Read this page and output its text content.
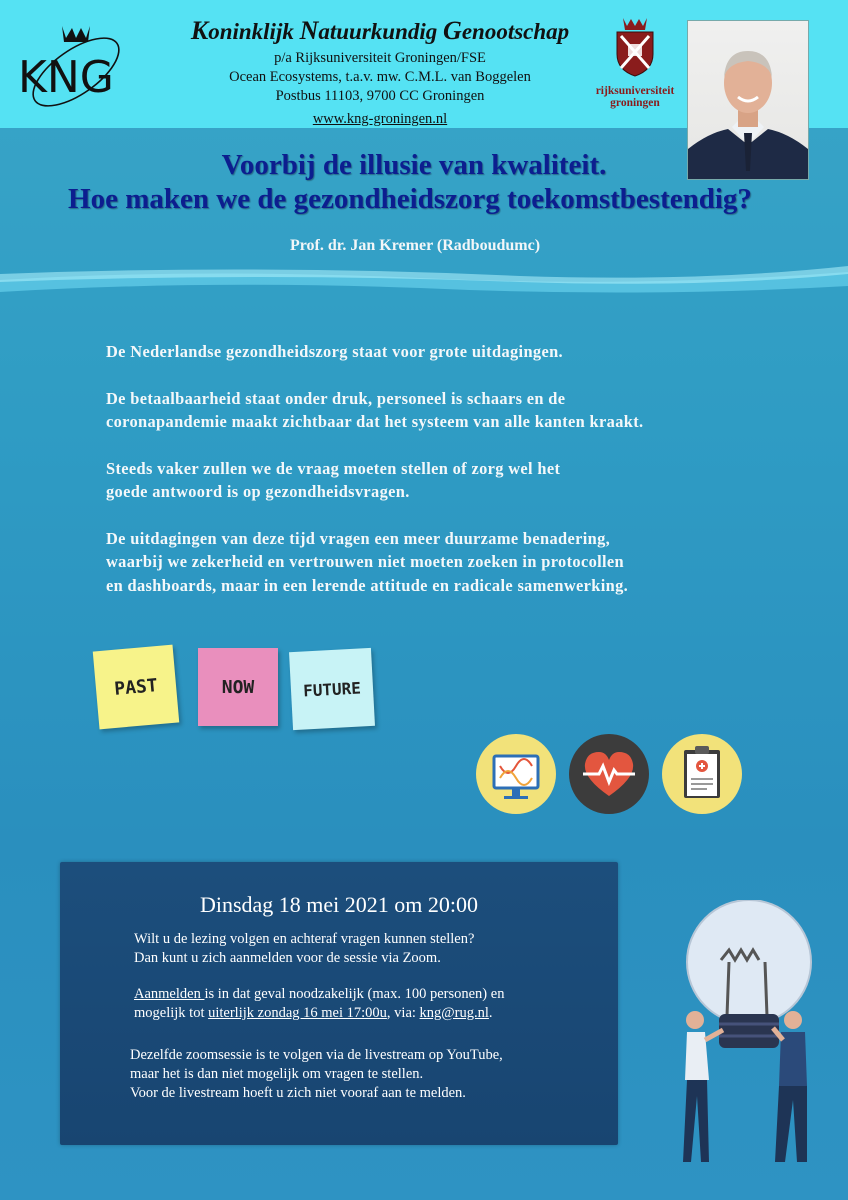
KNG
Koninklijk Natuurkundig Genootschap
p/a Rijksuniversiteit Groningen/FSE
Ocean Ecosystems, t.a.v. mw. C.M.L. van Boggelen
Postbus 11103, 9700 CC Groningen
www.kng-groningen.nl
rijksuniversiteit
groningen
Voorbij de illusie van kwaliteit.
Hoe maken we de gezondheidszorg toekomstbestendig?
Prof. dr. Jan Kremer (Radboudumc)

De Nederlandse gezondheidszorg staat voor grote uitdagingen.

De betaalbaarheid staat onder druk, personeel is schaars en de
coronapandemie maakt zichtbaar dat het systeem van alle kanten kraakt.

Steeds vaker zullen we de vraag moeten stellen of zorg wel het
goede antwoord is op gezondheidsvragen.

De uitdagingen van deze tijd vragen een meer duurzame benadering,
waarbij we zekerheid en vertrouwen niet moeten zoeken in protocollen
en dashboards, maar in een lerende attitude en radicale samenwerking.

PAST	NOW	FUTURE
Dinsdag 18 mei 2021 om 20:00
Wilt u de lezing volgen en achteraf vragen kunnen stellen?
Dan kunt u zich aanmelden voor de sessie via Zoom.
Aanmelden is in dat geval noodzakelijk (max. 100 personen) en
mogelijk tot uiterlijk zondag 16 mei 17:00u, via: kng@rug.nl.
Dezelfde zoomsessie is te volgen via de livestream op YouTube,
maar het is dan niet mogelijk om vragen te stellen.
Voor de livestream hoeft u zich niet vooraf aan te melden.
